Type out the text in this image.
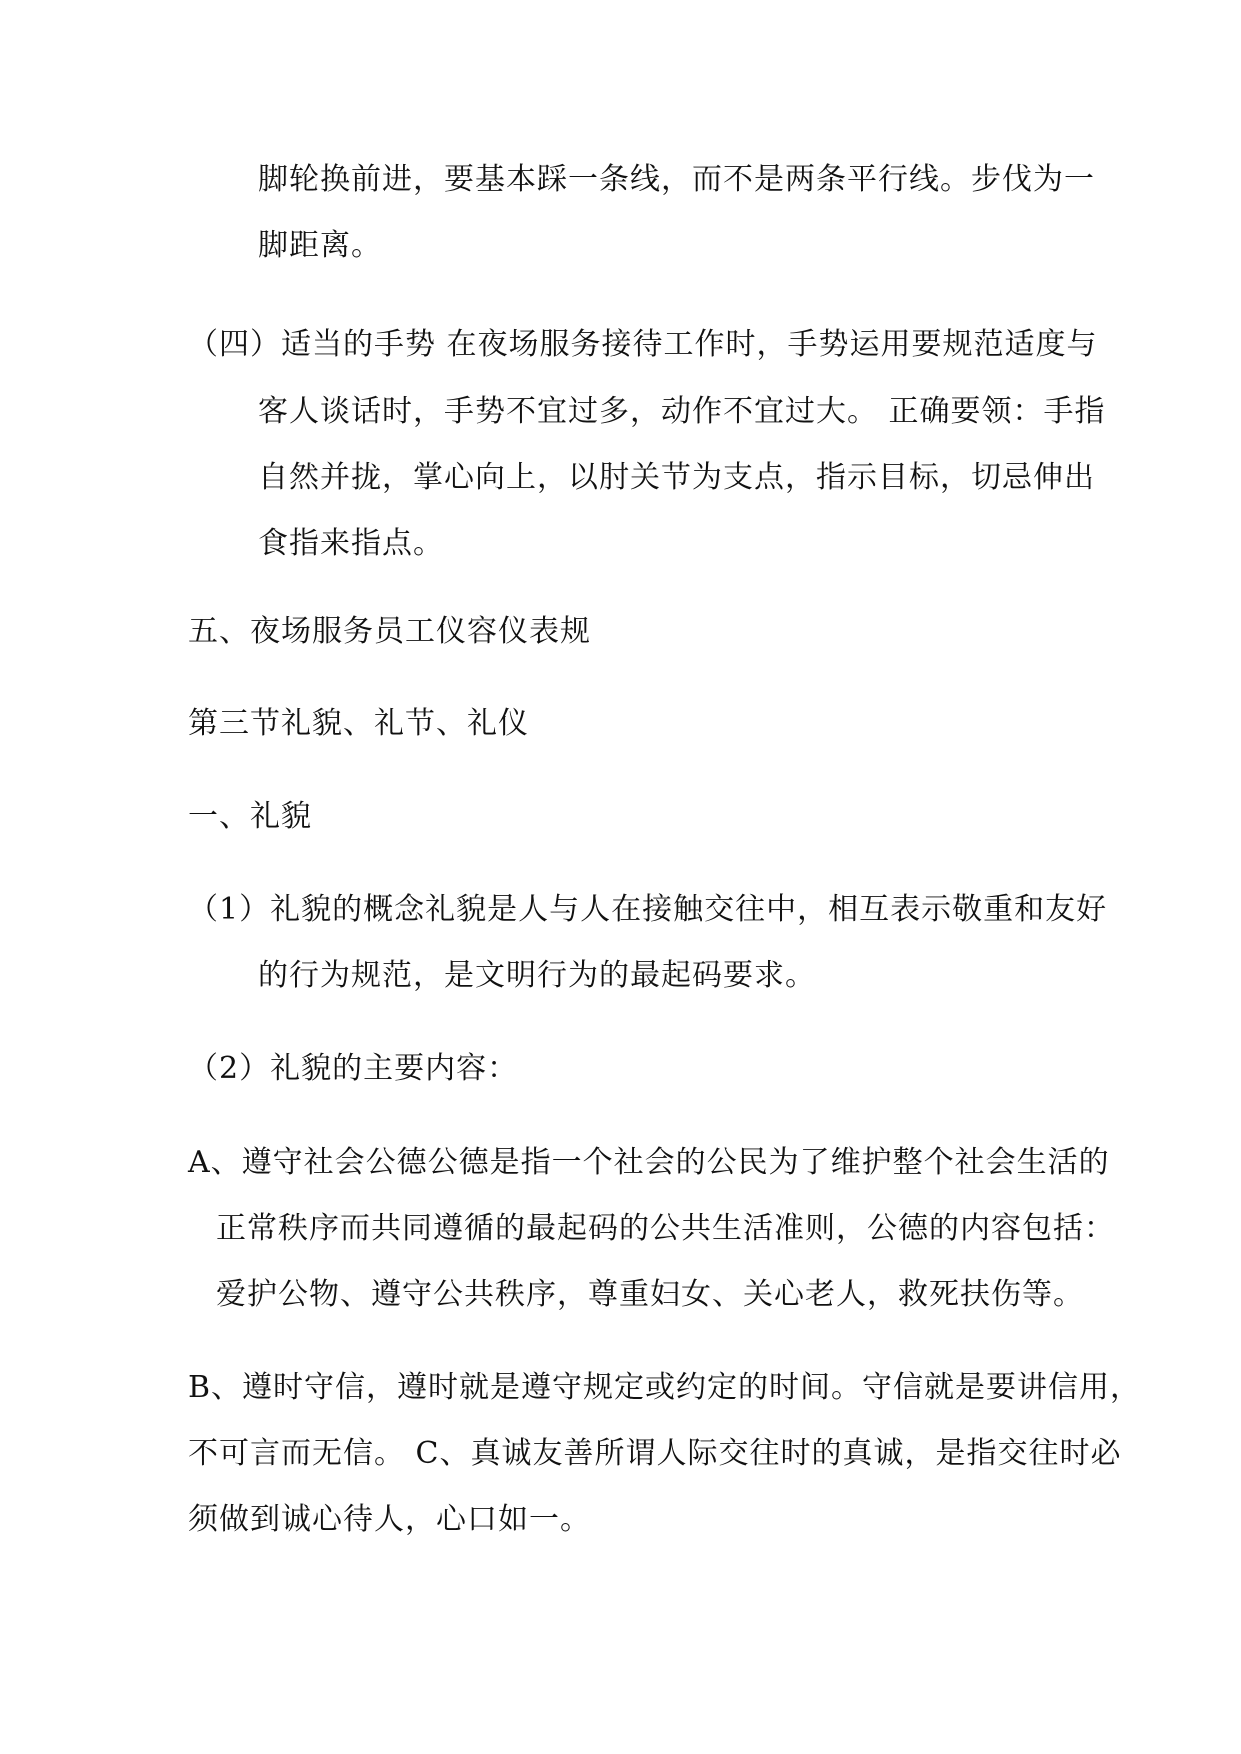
脚轮换前进，要基本踩一条线，而不是两条平行线。步伐为一
脚距离。
（四）适当的手势 在夜场服务接待工作时，手势运用要规范适度与
客人谈话时，手势不宜过多，动作不宜过大。 正确要领：手指
自然并拢，掌心向上，以肘关节为支点，指示目标，切忌伸出
食指来指点。
五、夜场服务员工仪容仪表规
第三节礼貌、礼节、礼仪
一、礼貌
（1）礼貌的概念礼貌是人与人在接触交往中，相互表示敬重和友好
的行为规范，是文明行为的最起码要求。
（2）礼貌的主要内容：
A、遵守社会公德公德是指一个社会的公民为了维护整个社会生活的
正常秩序而共同遵循的最起码的公共生活准则，公德的内容包括：
爱护公物、遵守公共秩序，尊重妇女、关心老人，救死扶伤等。
B、遵时守信，遵时就是遵守规定或约定的时间。守信就是要讲信用，
不可言而无信。 C、真诚友善所谓人际交往时的真诚，是指交往时必
须做到诚心待人，心口如一。
